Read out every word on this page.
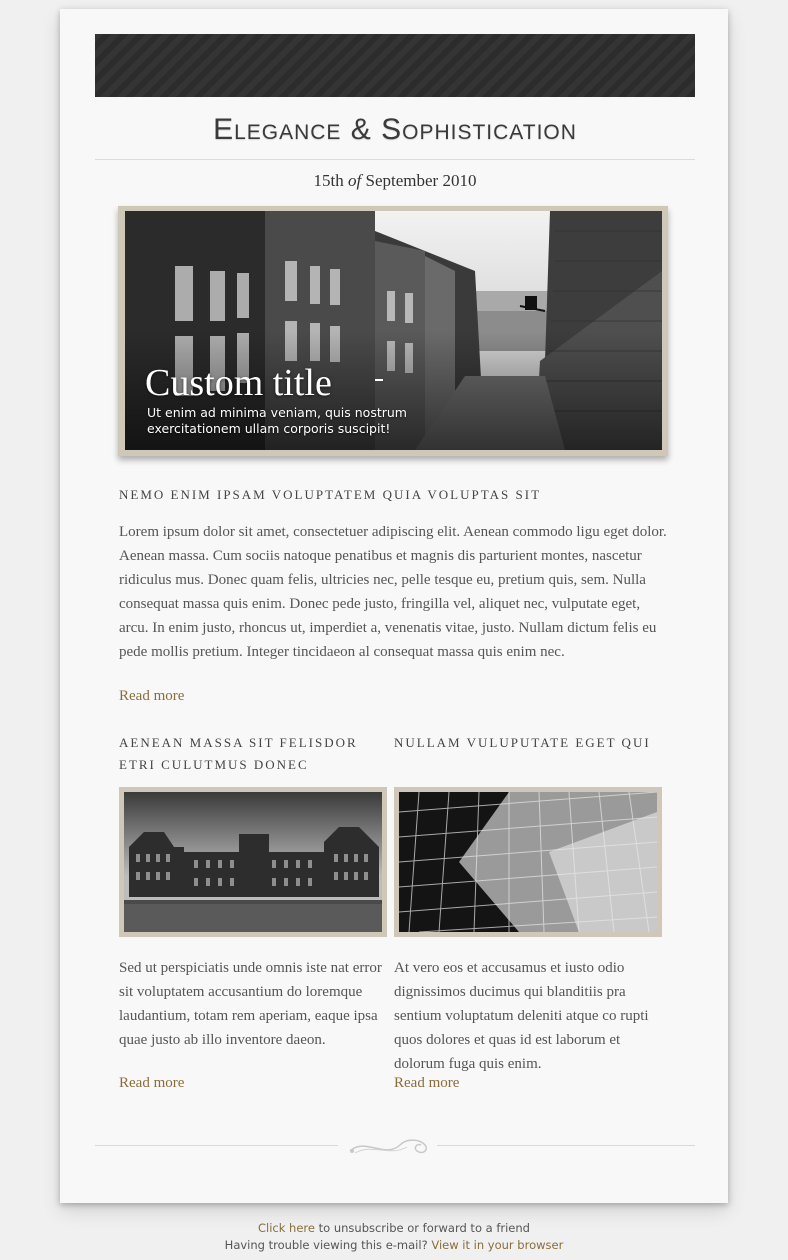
Elegance & Sophistication
15th of September 2010
Custom title
Ut enim ad minima veniam, quis nostrum exercitationem ullam corporis suscipit!
NEMO ENIM IPSAM VOLUPTATEM QUIA VOLUPTAS SIT
Lorem ipsum dolor sit amet, consectetuer adipiscing elit. Aenean commodo ligu eget dolor. Aenean massa. Cum sociis natoque penatibus et magnis dis parturient montes, nascetur ridiculus mus. Donec quam felis, ultricies nec, pelle tesque eu, pretium quis, sem. Nulla consequat massa quis enim. Donec pede justo, fringilla vel, aliquet nec, vulputate eget, arcu. In enim justo, rhoncus ut, imperdiet a, venenatis vitae, justo. Nullam dictum felis eu pede mollis pretium. Integer tincidaeon al consequat massa quis enim nec.
Read more
AENEAN MASSA SIT FELISDOR ETRI CULUTMUS DONEC
Sed ut perspiciatis unde omnis iste nat error sit voluptatem accusantium do loremque laudantium, totam rem aperiam, eaque ipsa quae justo ab illo inventore daeon.
Read more
NULLAM VULUPUTATE EGET QUI
At vero eos et accusamus et iusto odio dignissimos ducimus qui blanditiis pra sentium voluptatum deleniti atque co rupti quos dolores et quas id est laborum et dolorum fuga quis enim.
Read more
Click here to unsubscribe or forward to a friend
Having trouble viewing this e-mail? View it in your browser
